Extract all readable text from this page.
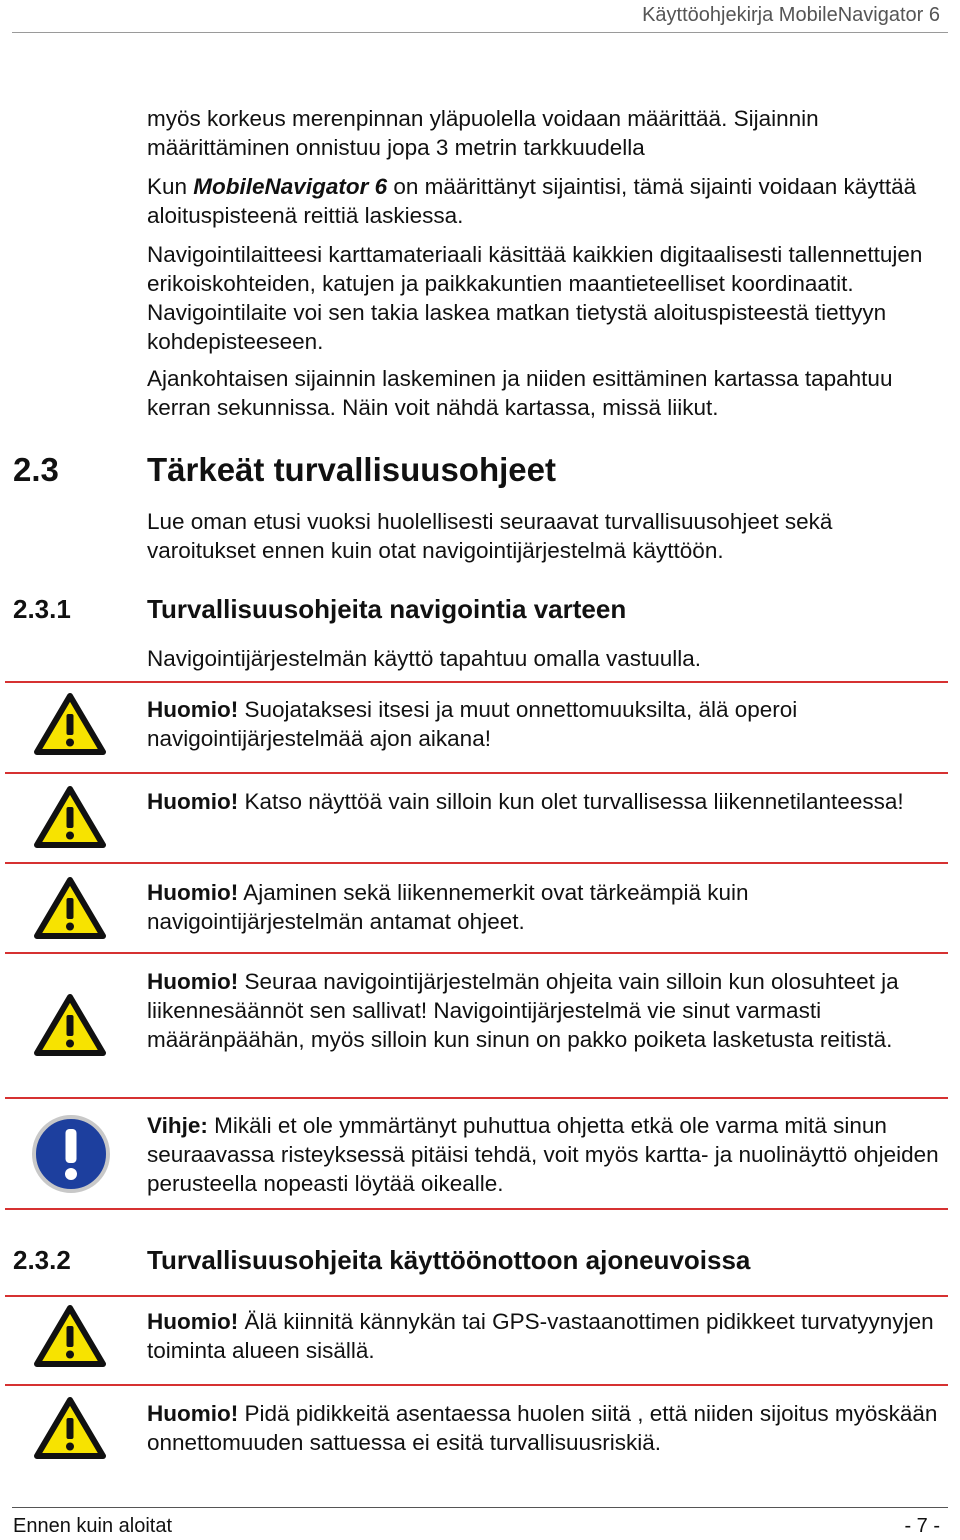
Käyttöohjekirja MobileNavigator 6

myös korkeus merenpinnan yläpuolella voidaan määrittää. Sijainnin määrittäminen onnistuu jopa 3 metrin tarkkuudella

Kun MobileNavigator 6 on määrittänyt sijaintisi, tämä sijainti voidaan käyttää aloituspisteenä reittiä laskiessa.

Navigointilaitteesi karttamateriaali käsittää kaikkien digitaalisesti tallennettujen erikoiskohteiden, katujen ja paikkakuntien maantieteelliset koordinaatit. Navigointilaite voi sen takia laskea matkan tietystä aloituspisteestä tiettyyn kohdepisteeseen.

Ajankohtaisen sijainnin laskeminen ja niiden esittäminen kartassa tapahtuu kerran sekunnissa. Näin voit nähdä kartassa, missä liikut.

2.3	Tärkeät turvallisuusohjeet

Lue oman etusi vuoksi huolellisesti seuraavat turvallisuusohjeet sekä varoitukset ennen kuin otat navigointijärjestelmä käyttöön.

2.3.1	Turvallisuusohjeita navigointia varteen

Navigointijärjestelmän käyttö tapahtuu omalla vastuulla.

Huomio! Suojataksesi itsesi ja muut onnettomuuksilta, älä operoi navigointijärjestelmää ajon aikana!

Huomio! Katso näyttöä vain silloin kun olet turvallisessa liikennetilanteessa!

Huomio! Ajaminen sekä liikennemerkit ovat tärkeämpiä kuin navigointijärjestelmän antamat ohjeet.

Huomio! Seuraa navigointijärjestelmän ohjeita vain silloin kun olosuhteet ja liikennesäännöt sen sallivat! Navigointijärjestelmä vie sinut varmasti määränpäähän, myös silloin kun sinun on pakko poiketa lasketusta reitistä.

Vihje: Mikäli et ole ymmärtänyt puhuttua ohjetta etkä ole varma mitä sinun seuraavassa risteyksessä pitäisi tehdä, voit myös kartta- ja nuolinäyttö ohjeiden perusteella nopeasti löytää oikealle.

2.3.2	Turvallisuusohjeita käyttöönottoon ajoneuvoissa

Huomio! Älä kiinnitä kännykän tai GPS-vastaanottimen pidikkeet turvatyynyjen toiminta alueen sisällä.

Huomio! Pidä pidikkeitä asentaessa huolen siitä , että niiden sijoitus myöskään onnettomuuden sattuessa ei esitä turvallisuusriskiä.

Ennen kuin aloitat	- 7 -
